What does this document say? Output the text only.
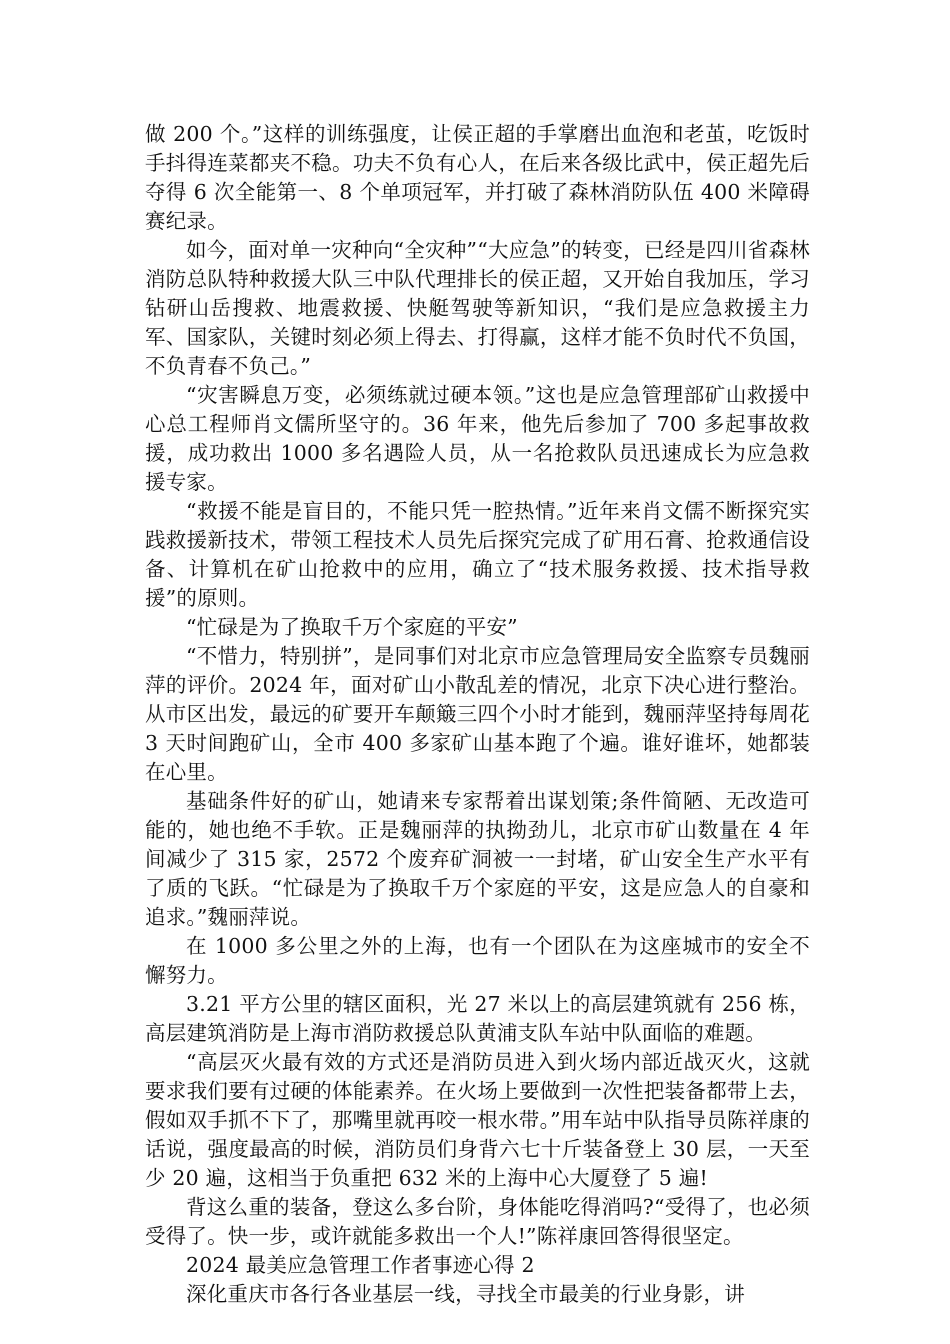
做 200 个。”这样的训练强度，让侯正超的手掌磨出血泡和老茧，吃饭时手抖得连菜都夹不稳。功夫不负有心人，在后来各级比武中，侯正超先后夺得 6 次全能第一、8 个单项冠军，并打破了森林消防队伍 400 米障碍赛纪录。

如今，面对单一灾种向“全灾种”“大应急”的转变，已经是四川省森林消防总队特种救援大队三中队代理排长的侯正超，又开始自我加压，学习钻研山岳搜救、地震救援、快艇驾驶等新知识，“我们是应急救援主力军、国家队，关键时刻必须上得去、打得赢，这样才能不负时代不负国，不负青春不负己。”

“灾害瞬息万变，必须练就过硬本领。”这也是应急管理部矿山救援中心总工程师肖文儒所坚守的。36 年来，他先后参加了 700 多起事故救援，成功救出 1000 多名遇险人员，从一名抢救队员迅速成长为应急救援专家。

“救援不能是盲目的，不能只凭一腔热情。”近年来肖文儒不断探究实践救援新技术，带领工程技术人员先后探究完成了矿用石膏、抢救通信设备、计算机在矿山抢救中的应用，确立了“技术服务救援、技术指导救援”的原则。

“忙碌是为了换取千万个家庭的平安”

“不惜力，特别拼”，是同事们对北京市应急管理局安全监察专员魏丽萍的评价。2024 年，面对矿山小散乱差的情况，北京下决心进行整治。从市区出发，最远的矿要开车颠簸三四个小时才能到，魏丽萍坚持每周花 3 天时间跑矿山，全市 400 多家矿山基本跑了个遍。谁好谁坏，她都装在心里。

基础条件好的矿山，她请来专家帮着出谋划策;条件简陋、无改造可能的，她也绝不手软。正是魏丽萍的执拗劲儿，北京市矿山数量在 4 年间减少了 315 家，2572 个废弃矿洞被一一封堵，矿山安全生产水平有了质的飞跃。“忙碌是为了换取千万个家庭的平安，这是应急人的自豪和追求。”魏丽萍说。

在 1000 多公里之外的上海，也有一个团队在为这座城市的安全不懈努力。

3.21 平方公里的辖区面积，光 27 米以上的高层建筑就有 256 栋，高层建筑消防是上海市消防救援总队黄浦支队车站中队面临的难题。

“高层灭火最有效的方式还是消防员进入到火场内部近战灭火，这就要求我们要有过硬的体能素养。在火场上要做到一次性把装备都带上去，假如双手抓不下了，那嘴里就再咬一根水带。”用车站中队指导员陈祥康的话说，强度最高的时候，消防员们身背六七十斤装备登上 30 层，一天至少 20 遍，这相当于负重把 632 米的上海中心大厦登了 5 遍!

背这么重的装备，登这么多台阶，身体能吃得消吗?“受得了，也必须受得了。快一步，或许就能多救出一个人!”陈祥康回答得很坚定。

2024 最美应急管理工作者事迹心得 2

深化重庆市各行各业基层一线，寻找全市最美的行业身影，讲
